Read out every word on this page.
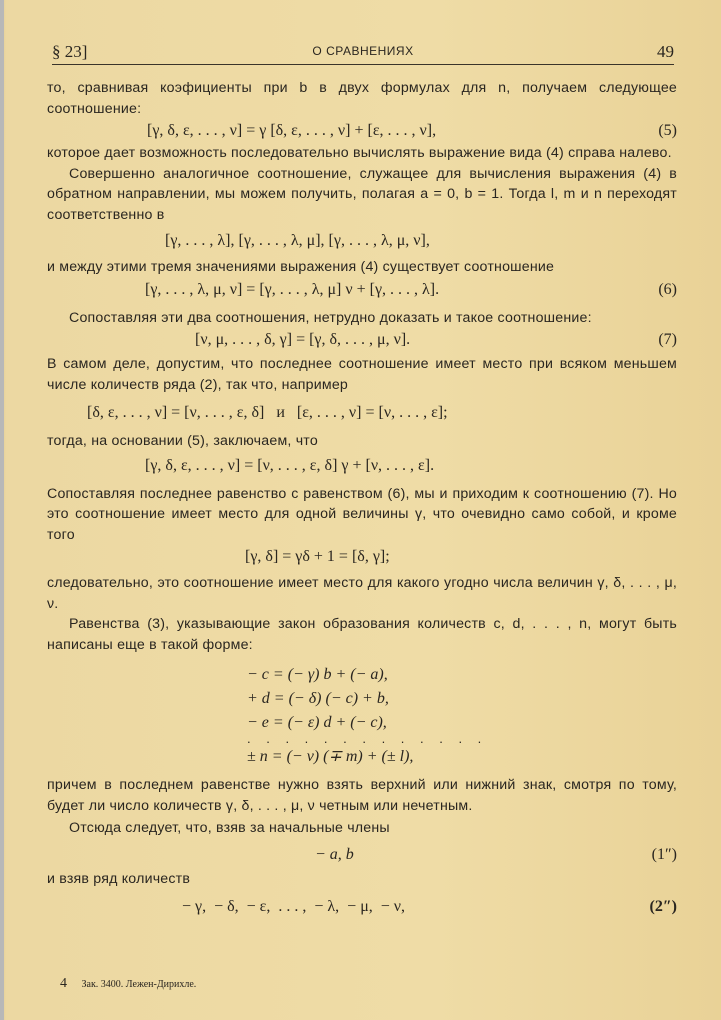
§ 23]	О СРАВНЕНИЯХ	49

то, сравнивая коэфициенты при b в двух формулах для n, получаем следующее соотношение:

[γ, δ, ε, . . . , ν] = γ [δ, ε, . . . , ν] + [ε, . . . , ν],	(5)

которое дает возможность последовательно вычислять выражение вида (4) справа налево.

Совершенно аналогичное соотношение, служащее для вычисления выражения (4) в обратном направлении, мы можем получить, полагая a = 0, b = 1. Тогда l, m и n переходят соответственно в

[γ, . . . , λ], [γ, . . . , λ, μ], [γ, . . . , λ, μ, ν],

и между этими тремя значениями выражения (4) существует соотношение

[γ, . . . , λ, μ, ν] = [γ, . . . , λ, μ] ν + [γ, . . . , λ].	(6)

Сопоставляя эти два соотношения, нетрудно доказать и такое соотношение:

[ν, μ, . . . , δ, γ] = [γ, δ, . . . , μ, ν].	(7)

В самом деле, допустим, что последнее соотношение имеет место при всяком меньшем числе количеств ряда (2), так что, например

[δ, ε, . . . , ν] = [ν, . . . , ε, δ]   и   [ε, . . . , ν] = [ν, . . . , ε];

тогда, на основании (5), заключаем, что

[γ, δ, ε, . . . , ν] = [ν, . . . , ε, δ] γ + [ν, . . . , ε].

Сопоставляя последнее равенство с равенством (6), мы и приходим к соотношению (7). Но это соотношение имеет место для одной величины γ, что очевидно само собой, и кроме того

[γ, δ] = γδ + 1 = [δ, γ];

следовательно, это соотношение имеет место для какого угодно числа величин γ, δ, . . . , μ, ν.

Равенства (3), указывающие закон образования количеств c, d, . . . , n, могут быть написаны еще в такой форме:

− c = (− γ) b + (− a),
+ d = (− δ) (− c) + b,
− e = (− ε) d + (− c),
. . . . . . . . . . . . .
± n = (− ν) (∓ m) + (± l),

причем в последнем равенстве нужно взять верхний или нижний знак, смотря по тому, будет ли число количеств γ, δ, . . . , μ, ν четным или нечетным.

Отсюда следует, что, взяв за начальные члены

− a, b	(1″)

и взяв ряд количеств

− γ,  − δ,  − ε,  . . . ,  − λ,  − μ,  − ν,	(2″)
4 Зак. 3400. Лежен-Дирихле.
